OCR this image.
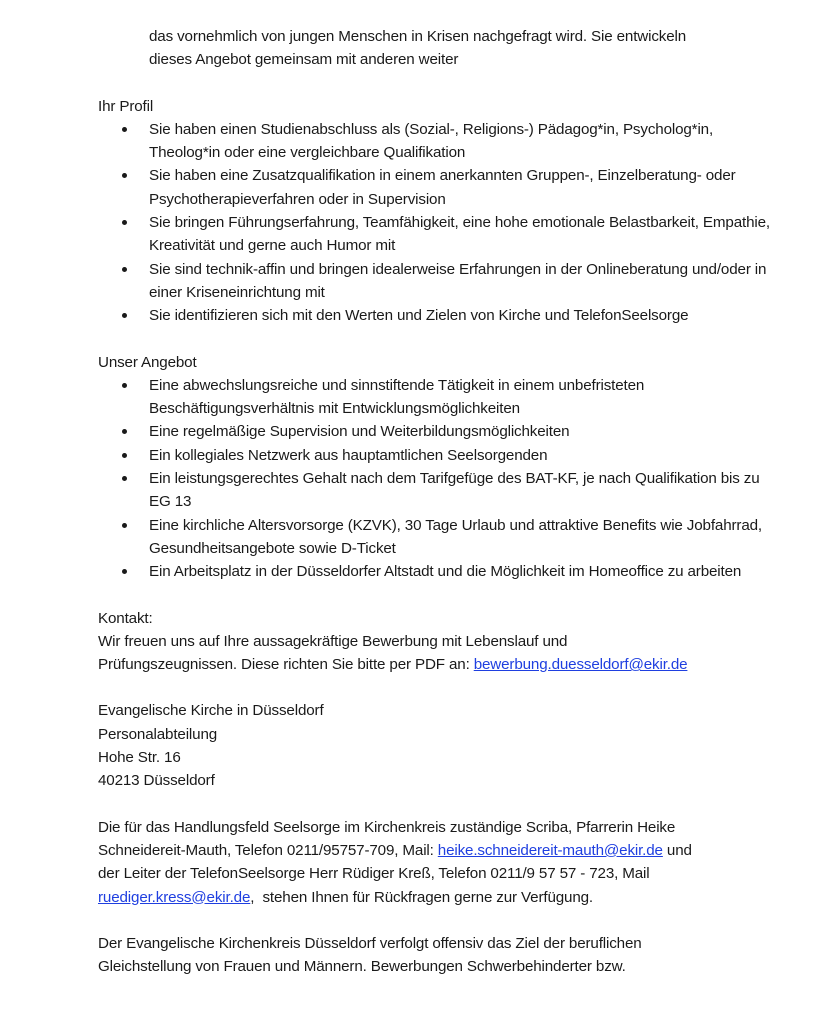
das vornehmlich von jungen Menschen in Krisen nachgefragt wird. Sie entwickeln

dieses Angebot gemeinsam mit anderen weiter

Ihr Profil

Sie haben einen Studienabschluss als (Sozial-, Religions-) Pädagog*in, Psycholog*in, Theolog*in oder eine vergleichbare Qualifikation
Sie haben eine Zusatzqualifikation in einem anerkannten Gruppen-, Einzelberatung- oder Psychotherapieverfahren oder in Supervision
Sie bringen Führungserfahrung, Teamfähigkeit, eine hohe emotionale Belastbarkeit, Empathie, Kreativität und gerne auch Humor mit
Sie sind technik-affin und bringen idealerweise Erfahrungen in der Onlineberatung und/oder in einer Kriseneinrichtung mit
Sie identifizieren sich mit den Werten und Zielen von Kirche und TelefonSeelsorge

Unser Angebot

Eine abwechslungsreiche und sinnstiftende Tätigkeit in einem unbefristeten Beschäftigungsverhältnis mit Entwicklungsmöglichkeiten
Eine regelmäßige Supervision und Weiterbildungsmöglichkeiten
Ein kollegiales Netzwerk aus hauptamtlichen Seelsorgenden
Ein leistungsgerechtes Gehalt nach dem Tarifgefüge des BAT-KF, je nach Qualifikation bis zu EG 13
Eine kirchliche Altersvorsorge (KZVK), 30 Tage Urlaub und attraktive Benefits wie Jobfahrrad, Gesundheitsangebote sowie D-Ticket
Ein Arbeitsplatz in der Düsseldorfer Altstadt und die Möglichkeit im Homeoffice zu arbeiten

Kontakt:

Wir freuen uns auf Ihre aussagekräftige Bewerbung mit Lebenslauf und

Prüfungszeugnissen. Diese richten Sie bitte per PDF an: bewerbung.duesseldorf@ekir.de

Evangelische Kirche in Düsseldorf

Personalabteilung

Hohe Str. 16

40213 Düsseldorf

Die für das Handlungsfeld Seelsorge im Kirchenkreis zuständige Scriba, Pfarrerin Heike

Schneidereit-Mauth, Telefon 0211/95757-709, Mail: heike.schneidereit-mauth@ekir.de und

der Leiter der TelefonSeelsorge Herr Rüdiger Kreß, Telefon 0211/9 57 57 - 723, Mail

ruediger.kress@ekir.de,  stehen Ihnen für Rückfragen gerne zur Verfügung.

Der Evangelische Kirchenkreis Düsseldorf verfolgt offensiv das Ziel der beruflichen

Gleichstellung von Frauen und Männern. Bewerbungen Schwerbehinderter bzw.
